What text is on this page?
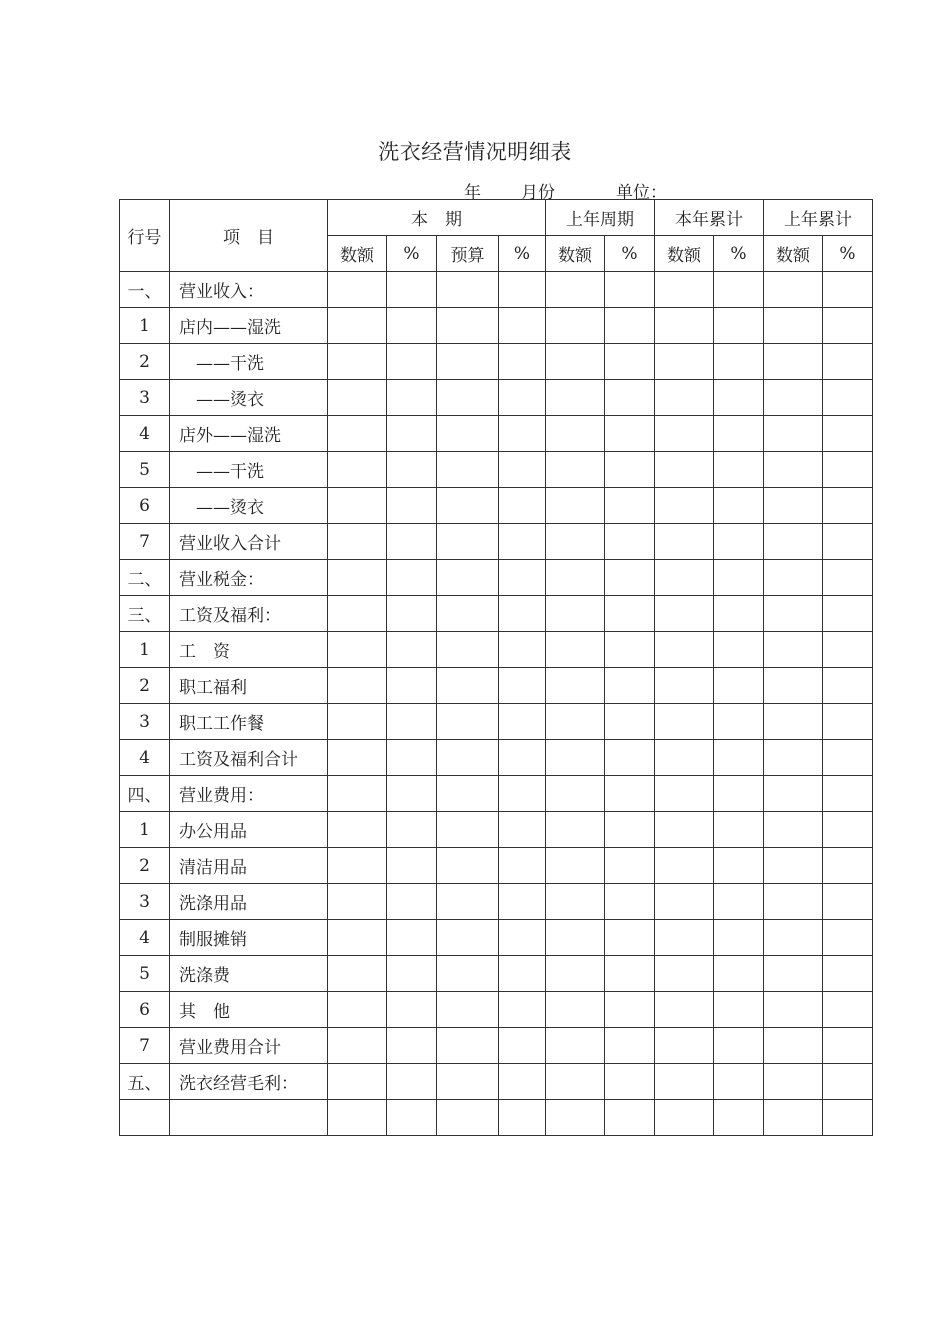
洗衣经营情况明细表
年 月份	单位：
行号	项　目	本　期				上年周期		本年累计		上年累计	
		数额	%	预算	%	数额	%	数额	%	数额	%
一、	营业收入：										
1	店内——湿洗										
2	——干洗										
3	——烫衣										
4	店外——湿洗										
5	——干洗										
6	——烫衣										
7	营业收入合计										
二、	营业税金：										
三、	工资及福利：										
1	工　资										
2	职工福利										
3	职工工作餐										
4	工资及福利合计										
四、	营业费用：										
1	办公用品										
2	清洁用品										
3	洗涤用品										
4	制服摊销										
5	洗涤费										
6	其　他										
7	营业费用合计										
五、	洗衣经营毛利：										
